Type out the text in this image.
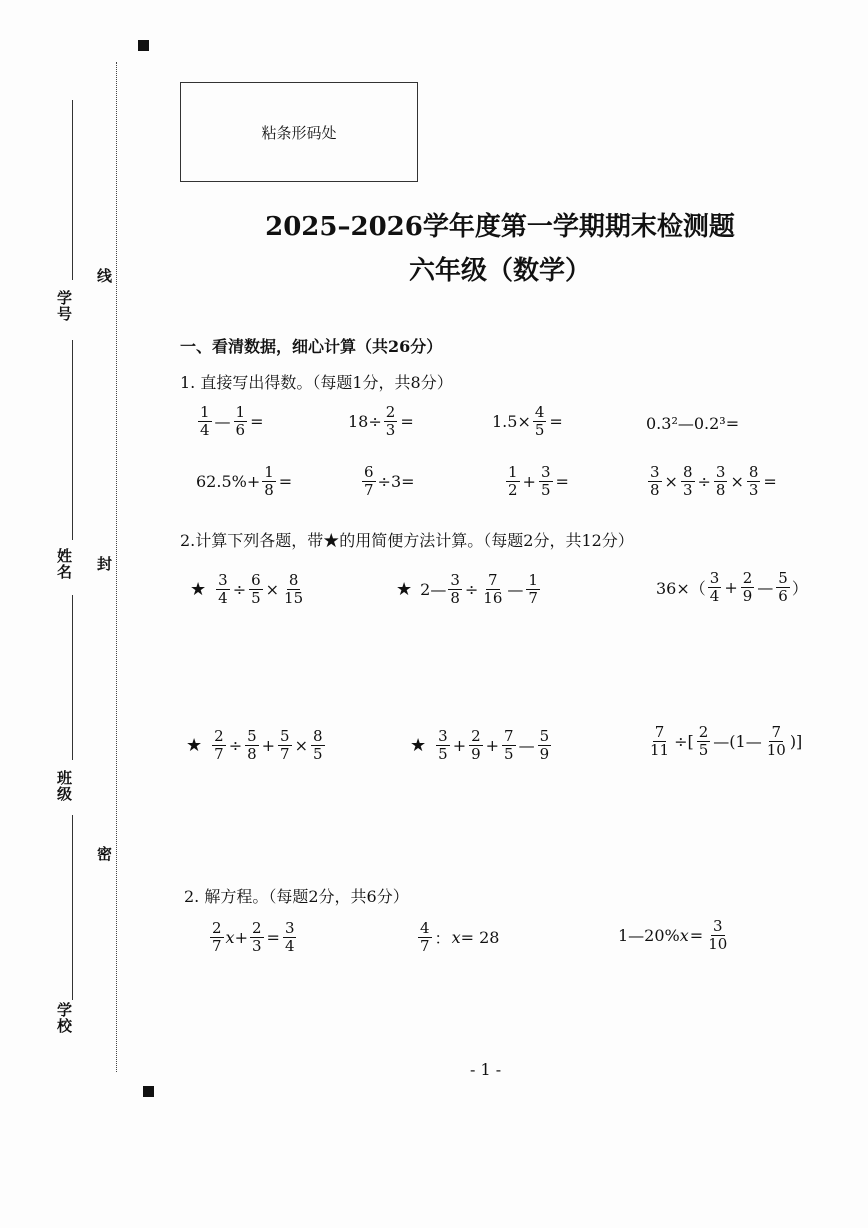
学号
姓名
班级
学校
线
封
密
粘条形码处
2025–2026学年度第一学期期末检测题
六年级（数学）
一、看清数据，细心计算（共26分）
1. 直接写出得数。（每题1分，共8分）
$\frac{1}{4}$ — $\frac{1}{6}$ =	$18\div \frac{2}{3}$ =	$1.5\times \frac{4}{5}$ =	0.3²—0.2³=
$62.5\%+ \frac{1}{8}$ =	$\frac{6}{7} \div 3=$	$\frac{1}{2} + \frac{3}{5}$ =	$\frac{3}{8} \times \frac{8}{3} \div \frac{3}{8} \times \frac{8}{3}$ =
2.计算下列各题，带★的用简便方法计算。（每题2分，共12分）
★ $\frac{3}{4} \div \frac{6}{5} \times \frac{8}{15}$	★ 2— $\frac{3}{8} \div \frac{7}{16}$ — $\frac{1}{7}$	$36\times( \frac{3}{4} + \frac{2}{9}$ — $\frac{5}{6}$ ）
★ $\frac{2}{7} \div \frac{5}{8} + \frac{5}{7} \times \frac{8}{5}$	★ $\frac{3}{5} + \frac{2}{9} + \frac{7}{5}$ — $\frac{5}{9}$	$\frac{7}{11}$ ÷[ $\frac{2}{5}$ —(1— $\frac{7}{10}$ )]
2. 解方程。（每题2分，共6分）
$\frac{2}{7} x+ \frac{2}{3} = \frac{3}{4}$	$\frac{4}{7}$ ： x = 28	1—20% $x = \frac{3}{10}$
- 1 -
